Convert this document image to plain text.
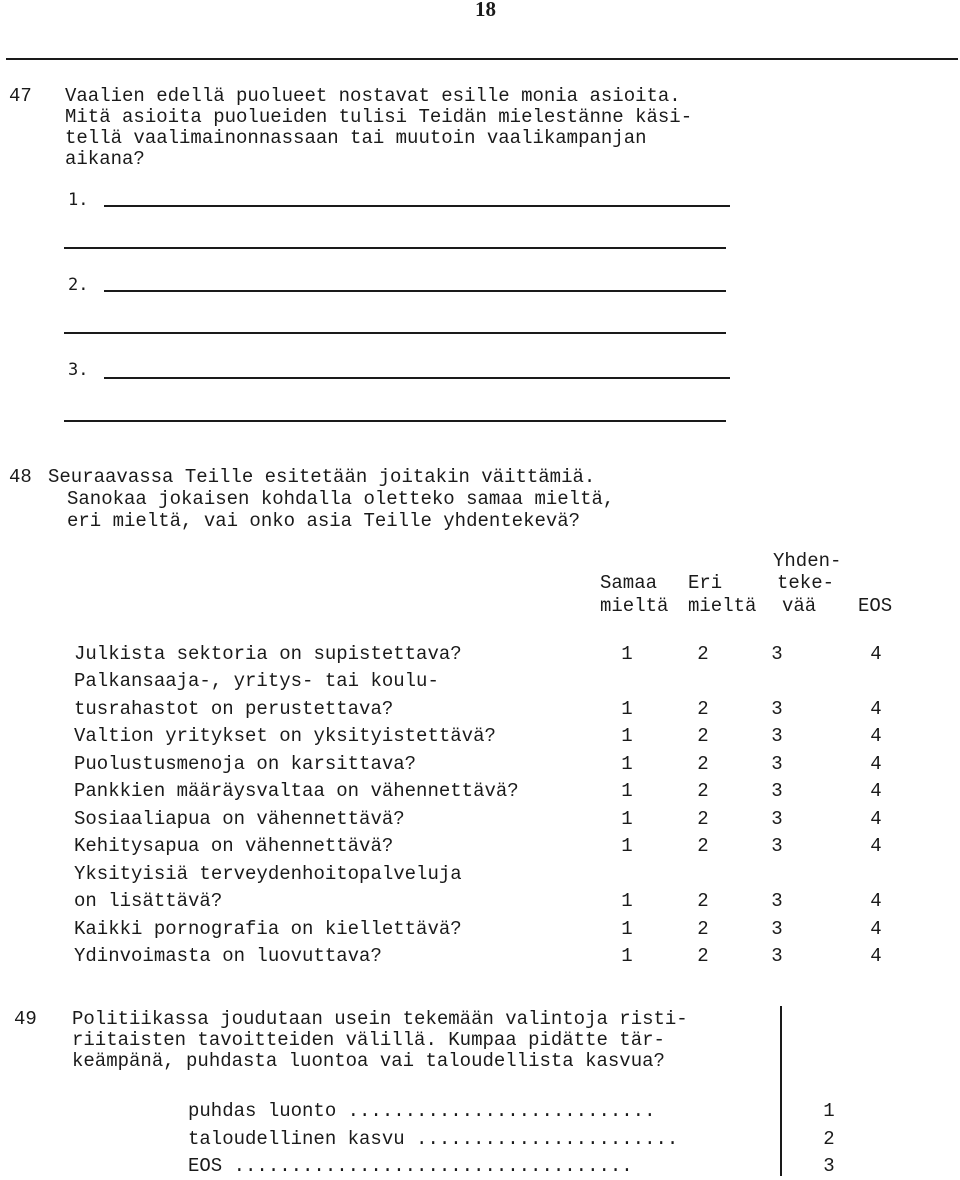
18
47 Vaalien edellä puolueet nostavat esille monia asioita.
Mitä asioita puolueiden tulisi Teidän mielestänne käsi-
tellä vaalimainonnassaan tai muutoin vaalikampanjan
aikana?
1.
2.
3.
48 Seuraavassa Teille esitetään joitakin väittämiä.
Sanokaa jokaisen kohdalla oletteko samaa mieltä,
eri mieltä, vai onko asia Teille yhdentekevä?
Yhden-
Samaa Eri	teke-
mieltä mieltä vää EOS
Julkista sektoria on supistettava?	1	2	3	4
Palkansaaja-, yritys- tai koulu-
tusrahastot on perustettava?	1	2	3	4
Valtion yritykset on yksityistettävä?	1	2	3	4
Puolustusmenoja on karsittava?	1	2	3	4
Pankkien määräysvaltaa on vähennettävä?	1	2	3	4
Sosiaaliapua on vähennettävä?	1	2	3	4
Kehitysapua on vähennettävä?	1	2	3	4
Yksityisiä terveydenhoitopalveluja
on lisättävä?	1	2	3	4
Kaikki pornografia on kiellettävä?	1	2	3	4
Ydinvoimasta on luovuttava?	1	2	3	4
49 Politiikassa joudutaan usein tekemään valintoja risti-
riitaisten tavoitteiden välillä. Kumpaa pidätte tär-
keämpänä, puhdasta luontoa vai taloudellista kasvua?
puhdas luonto ...........................	1
taloudellinen kasvu .......................	2
EOS ...................................	3
